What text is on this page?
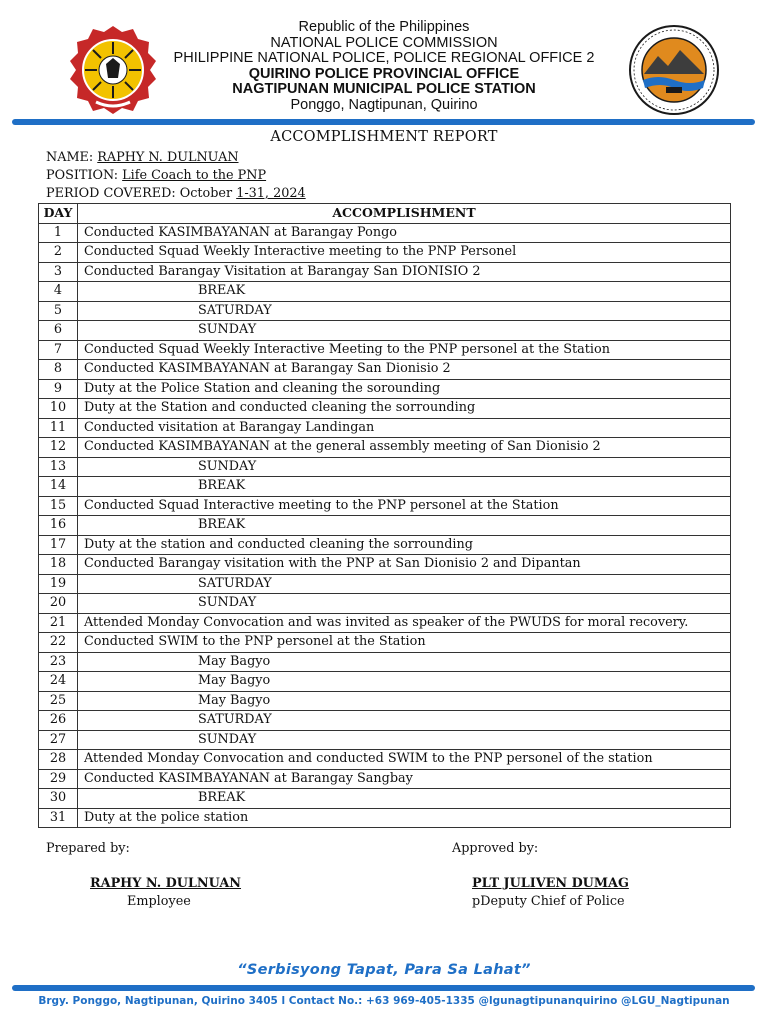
Republic of the Philippines
NATIONAL POLICE COMMISSION
PHILIPPINE NATIONAL POLICE, POLICE REGIONAL OFFICE 2
QUIRINO POLICE PROVINCIAL OFFICE
NAGTIPUNAN MUNICIPAL POLICE STATION
Ponggo, Nagtipunan, Quirino
ACCOMPLISHMENT REPORT
NAME: RAPHY N. DULNUAN
POSITION: Life Coach to the PNP
PERIOD COVERED: October 1-31, 2024
DAY	ACCOMPLISHMENT
1	Conducted KASIMBAYANAN at Barangay Pongo
2	Conducted Squad Weekly Interactive meeting to the PNP Personel
3	Conducted Barangay Visitation at Barangay San DIONISIO 2
4	BREAK
5	SATURDAY
6	SUNDAY
7	Conducted Squad Weekly Interactive Meeting to the PNP personel at the Station
8	Conducted KASIMBAYANAN at Barangay San Dionisio 2
9	Duty at the Police Station and cleaning the sorounding
10	Duty at the Station and conducted cleaning the sorrounding
11	Conducted visitation at Barangay Landingan
12	Conducted KASIMBAYANAN at the general assembly meeting of San Dionisio 2
13	SUNDAY
14	BREAK
15	Conducted Squad Interactive meeting to the PNP personel at the Station
16	BREAK
17	Duty at the station and conducted cleaning the sorrounding
18	Conducted Barangay visitation with the PNP at San Dionisio 2 and Dipantan
19	SATURDAY
20	SUNDAY
21	Attended Monday Convocation and was invited as speaker of the PWUDS for moral recovery.
22	Conducted SWIM to the PNP personel at the Station
23	May Bagyo
24	May Bagyo
25	May Bagyo
26	SATURDAY
27	SUNDAY
28	Attended Monday Convocation and conducted SWIM to the PNP personel of the station
29	Conducted KASIMBAYANAN at Barangay Sangbay
30	BREAK
31	Duty at the police station
Prepared by:
RAPHY N. DULNUAN
Employee
Approved by:
PLT JULIVEN DUMAG
pDeputy Chief of Police
“Serbisyong Tapat, Para Sa Lahat”
Brgy. Ponggo, Nagtipunan, Quirino 3405 l Contact No.: +63 969-405-1335 @lgunagtipunanquirino @LGU_Nagtipunan
